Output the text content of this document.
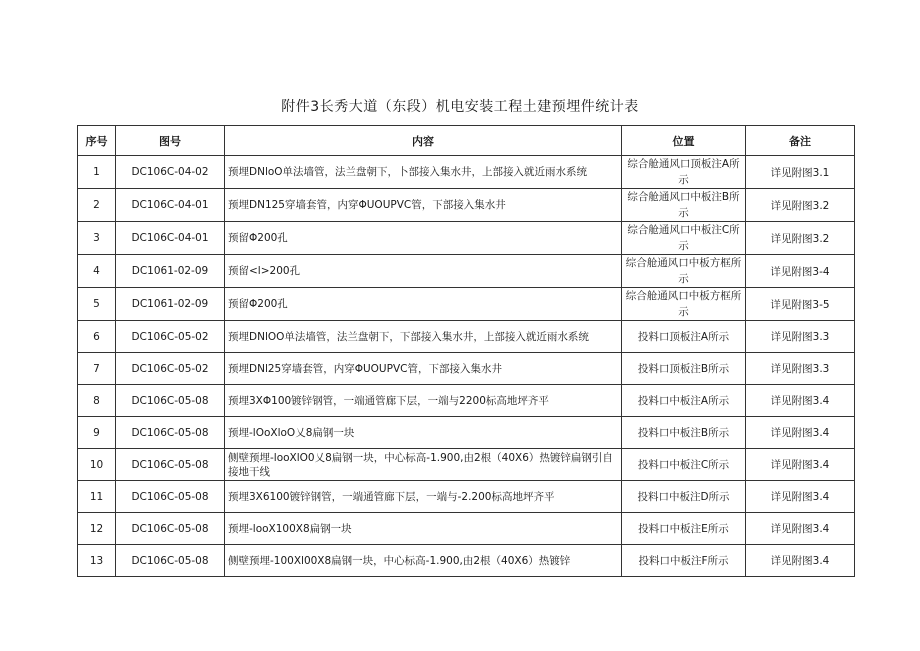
附件3长秀大道（东段）机电安装工程土建预埋件统计表
序号	图号	内容	位置	备注
1	DC106C-04-02	预埋DNloO单法墙管，法兰盘朝下，卜部接入集水井，上部接入就近雨水系统	综合舱通风口顶板注A所示	详见附图3.1
2	DC106C-04-01	预埋DN125穿墙套管，内穿ΦUOUPVC管，下部接入集水井	综合舱通风口中板注B所示	详见附图3.2
3	DC106C-04-01	预留Φ200孔	综合舱通风口中板注C所示	详见附图3.2
4	DC1061-02-09	预留<l>200孔	综合舱通风口中板方框所示	详见附图3-4
5	DC1061-02-09	预留Φ200孔	综合舱通风口中板方框所示	详见附图3-5
6	DC106C-05-02	预埋DNlOO单法墙管，法兰盘朝下，下部接入集水井，上部接入就近雨水系统	投料口顶板注A所示	详见附图3.3
7	DC106C-05-02	预埋DNl25穿墙套管，内穿ΦUOUPVC管，下部接入集水井	投料口顶板注B所示	详见附图3.3
8	DC106C-05-08	预埋3XΦ100镀锌钢管，一端通管廊下层，一端与2200标高地坪齐平	投料口中板注A所示	详见附图3.4
9	DC106C-05-08	预埋-lOoXloO乂8扁钢一块	投料口中板注B所示	详见附图3.4
10	DC106C-05-08	侧壁预埋-looXlO0乂8扁钢一块，中心标高-1.900,由2根（40X6）热镀锌扁钢引自接地干线	投料口中板注C所示	详见附图3.4
11	DC106C-05-08	预埋3X6100镀锌钢管，一端通管廊下层，一端与-2.200标高地坪齐平	投料口中板注D所示	详见附图3.4
12	DC106C-05-08	预埋-looX100X8扁钢一块	投料口中板注E所示	详见附图3.4
13	DC106C-05-08	侧壁预埋-100Xl00X8扁钢一块，中心标高-1.900,由2根（40X6）热镀锌	投料口中板注F所示	详见附图3.4
